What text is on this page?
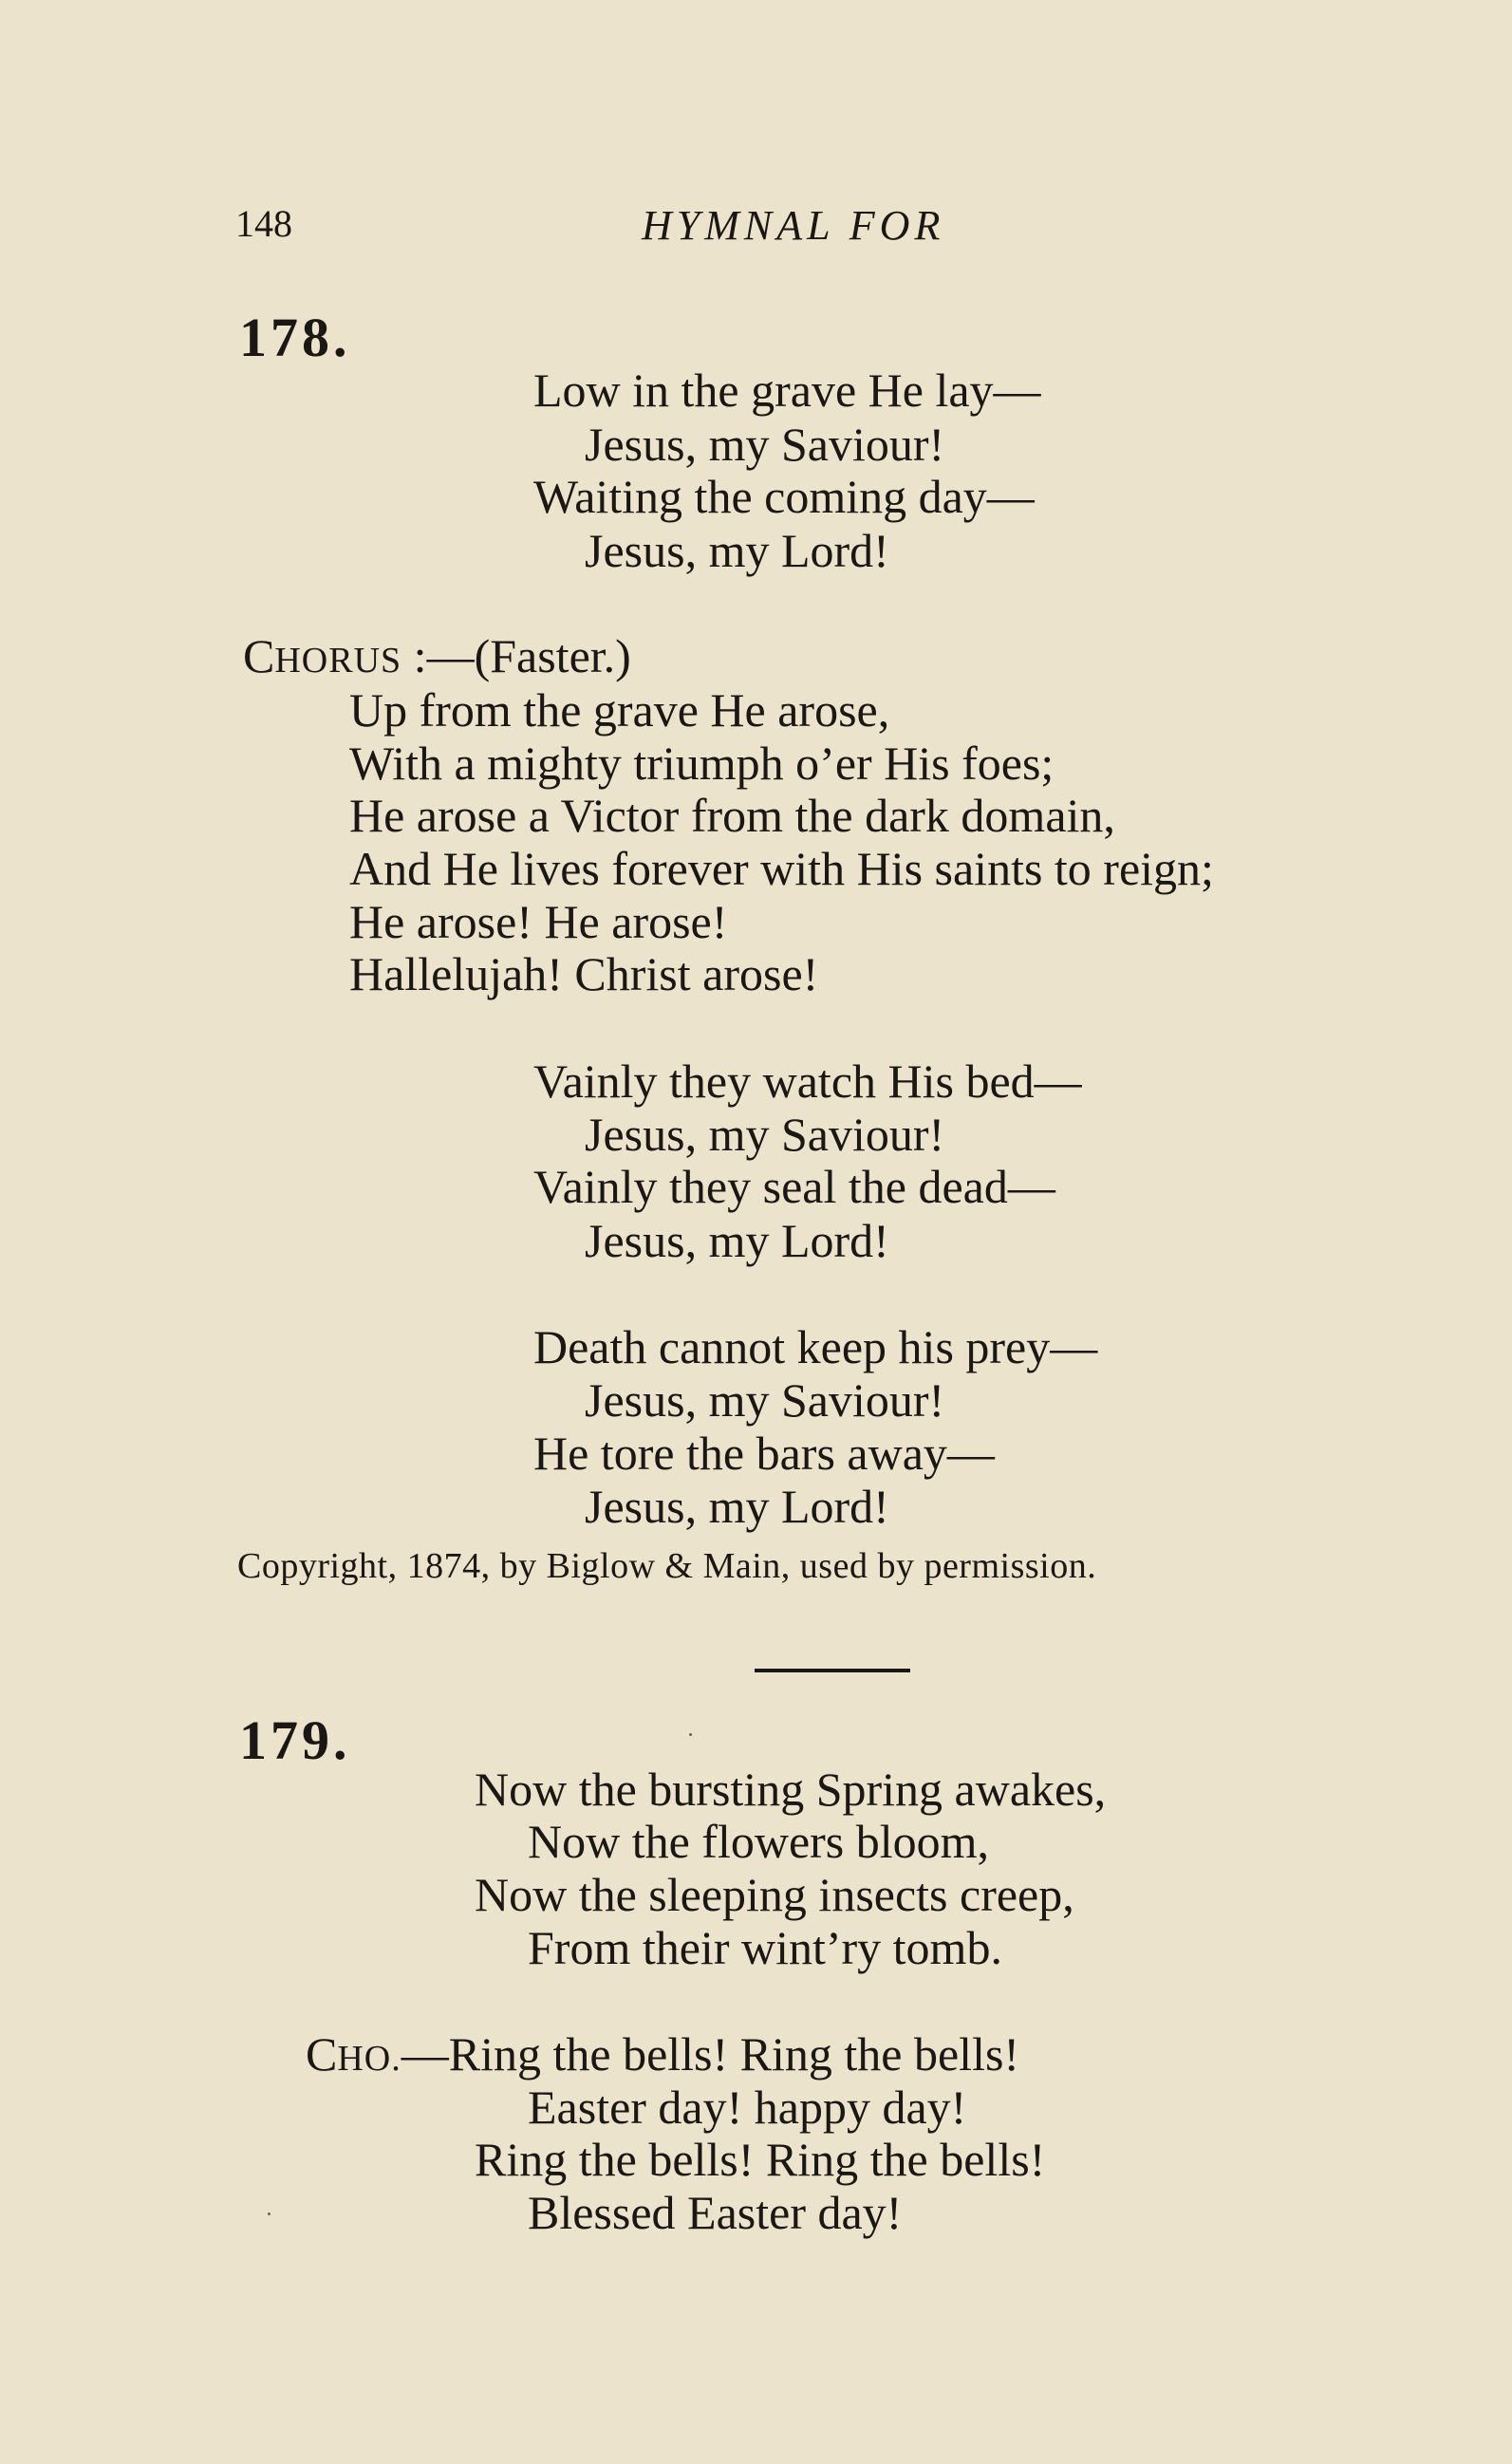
148	HYMNAL FOR
178.
Low in the grave He lay—
Jesus, my Saviour!
Waiting the coming day—
Jesus, my Lord!
CHORUS :—(Faster.)
Up from the grave He arose,
With a mighty triumph o’er His foes;
He arose a Victor from the dark domain,
And He lives forever with His saints to reign;
He arose! He arose!
Hallelujah! Christ arose!
Vainly they watch His bed—
Jesus, my Saviour!
Vainly they seal the dead—
Jesus, my Lord!
Death cannot keep his prey—
Jesus, my Saviour!
He tore the bars away—
Jesus, my Lord!
Copyright, 1874, by Biglow & Main, used by permission.
179.
Now the bursting Spring awakes,
Now the flowers bloom,
Now the sleeping insects creep,
From their wint’ry tomb.
CHO.—Ring the bells! Ring the bells!
Easter day! happy day!
Ring the bells! Ring the bells!
Blessed Easter day!
